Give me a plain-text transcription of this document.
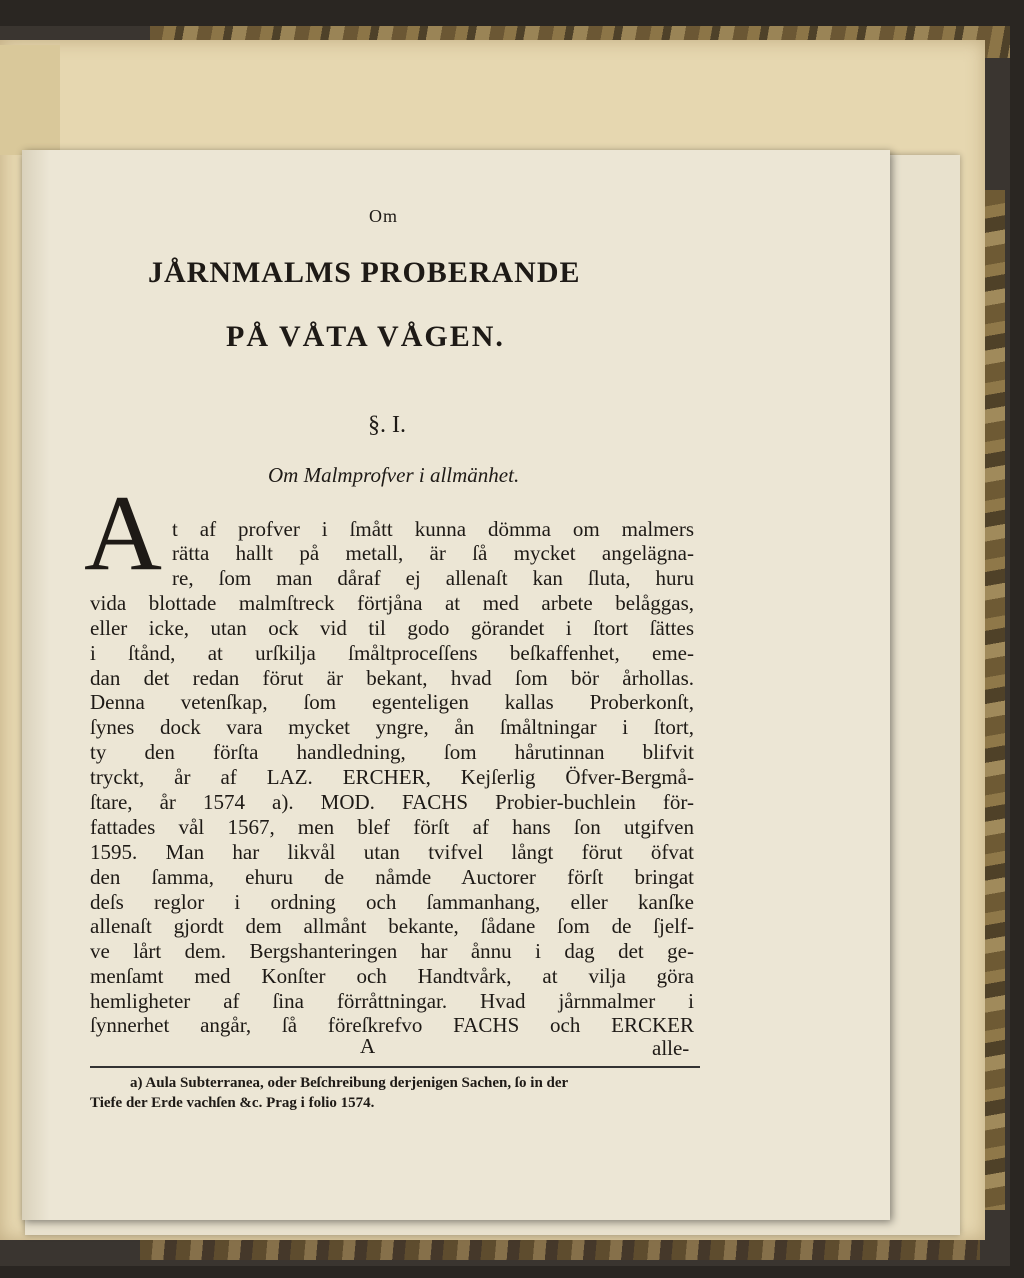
Om
JÅRNMALMS PROBERANDE
PÅ VÅTA VÅGEN.
§. I.
Om Malmprofver i allmänhet.
A t af profver i ſmått kunna dömma om malmers
rätta hallt på metall, är ſå mycket angelägna-
re, ſom man dåraf ej allenaſt kan ſluta, huru
vida blottade malmſtreck förtjåna at med arbete belåggas,
eller icke, utan ock vid til godo görandet i ſtort ſättes
i ſtånd, at urſkilja ſmåltproceſſens beſkaffenhet, eme-
dan det redan förut är bekant, hvad ſom bör århollas.
Denna vetenſkap, ſom egenteligen kallas Proberkonſt,
ſynes dock vara mycket yngre, ån ſmåltningar i ſtort,
ty den förſta handledning, ſom hårutinnan blifvit
tryckt, år af LAZ. ERCHER, Kejſerlig Öfver-Bergmå-
ſtare, år 1574 a). MOD. FACHS Probier-buchlein för-
fattades vål 1567, men blef förſt af hans ſon utgifven
1595. Man har likvål utan tvifvel långt förut öfvat
den ſamma, ehuru de nåmde Auctorer förſt bringat
deſs reglor i ordning och ſammanhang, eller kanſke
allenaſt gjordt dem allmånt bekante, ſådane ſom de ſjelf-
ve lårt dem. Bergshanteringen har ånnu i dag det ge-
menſamt med Konſter och Handtvårk, at vilja göra
hemligheter af ſina förråttningar. Hvad jårnmalmer i
ſynnerhet angår, ſå föreſkrefvo FACHS och ERCKER
A	alle-
a) Aula Subterranea, oder Beſchreibung derjenigen Sachen, ſo in der
Tiefe der Erde vachſen &c. Prag i folio 1574.
